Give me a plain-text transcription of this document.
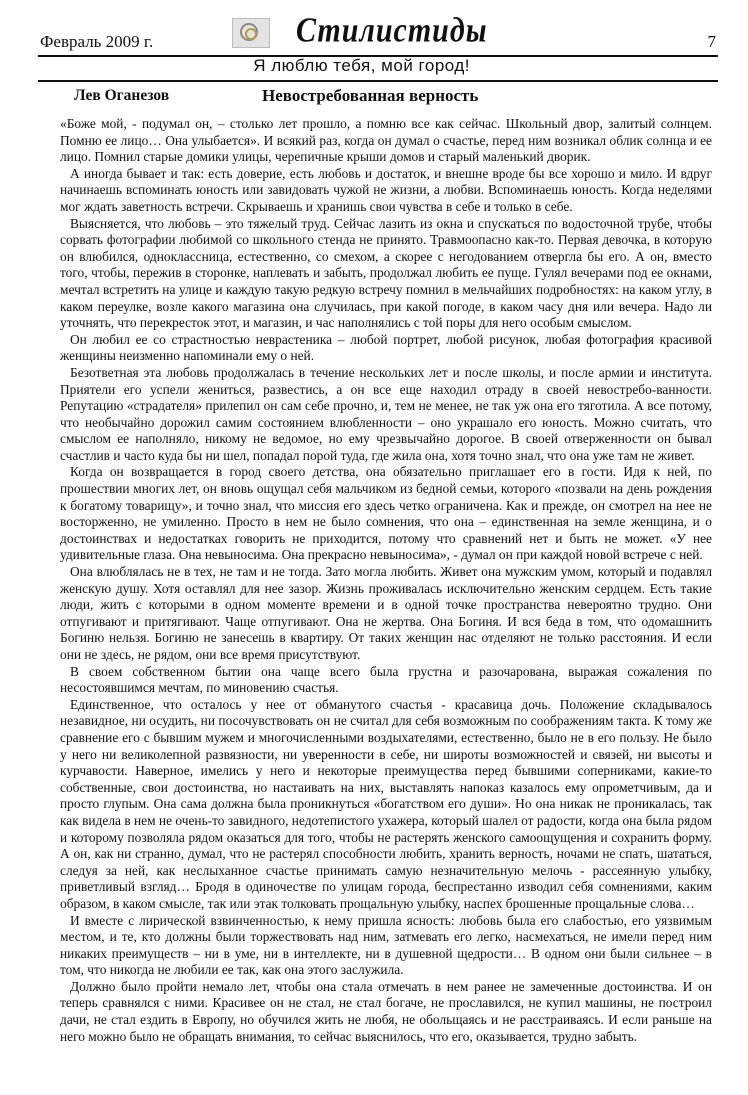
Февраль 2009 г.	Стилистиды	7
Я люблю тебя, мой город!
Лев Оганезов	Невостребованная верность

«Боже мой, - подумал он, – столько лет прошло, а помню все как сейчас. Школьный двор, залитый солнцем. Помню ее лицо… Она улыбается». И всякий раз, когда он думал о счастье, перед ним возникал облик солнца и ее лицо. Помнил старые домики улицы, черепичные крыши домов и старый маленький дворик.

А иногда бывает и так: есть доверие, есть любовь и достаток, и внешне вроде бы все хорошо и мило. И вдруг начинаешь вспоминать юность или завидовать чужой не жизни, а любви. Вспоминаешь юность. Когда неделями мог ждать заветность встречи. Скрываешь и хранишь свои чувства в себе и только в себе.

Выясняется, что любовь – это тяжелый труд. Сейчас лазить из окна и спускаться по водосточной трубе, чтобы сорвать фотографии любимой со школьного стенда не принято. Травмоопасно как-то. Первая девочка, в которую он влюбился, одноклассница, естественно, со смехом, а скорее с негодованием отвергла бы его. А он, вместо того, чтобы, пережив в сторонке, наплевать и забыть, продолжал любить ее пуще. Гулял вечерами под ее окнами, мечтал встретить на улице и каждую такую редкую встречу помнил в мельчайших подробностях: на каком углу, в каком переулке, возле какого магазина она случилась, при какой погоде, в каком часу дня или вечера. Надо ли уточнять, что перекресток этот, и магазин, и час наполнялись с той поры для него особым смыслом.

Он любил ее со страстностью неврастеника – любой портрет, любой рисунок, любая фотография красивой женщины неизменно напоминали ему о ней.

Безответная эта любовь продолжалась в течение нескольких лет и после школы, и после армии и института. Приятели его успели жениться, развестись, а он все еще находил отраду в своей невостребо-ванности. Репутацию «страдателя» прилепил он сам себе прочно, и, тем не менее, не так уж она его тяготила. А все потому, что необычайно дорожил самим состоянием влюбленности – оно украшало его юность. Можно считать, что смыслом ее наполняло, никому не ведомое, но ему чрезвычайно дорогое. В своей отверженности он бывал счастлив и часто куда бы ни шел, попадал порой туда, где жила она, хотя точно знал, что она уже там не живет.

Когда он возвращается в город своего детства, она обязательно приглашает его в гости. Идя к ней, по прошествии многих лет, он вновь ощущал себя мальчиком из бедной семьи, которого «позвали на день рождения к богатому товарищу», и точно знал, что миссия его здесь четко ограничена. Как и прежде, он смотрел на нее не восторженно, не умиленно. Просто в нем не было сомнения, что она – единственная на земле женщина, и о достоинствах и недостатках говорить не приходится, потому что сравнений нет и быть не может. «У нее удивительные глаза. Она невыносима. Она прекрасно невыносима», - думал он при каждой новой встрече с ней.

Она влюблялась не в тех, не там и не тогда. Зато могла любить. Живет она мужским умом, который и подавлял женскую душу. Хотя оставлял для нее зазор. Жизнь проживалась исключительно женским сердцем. Есть такие люди, жить с которыми в одном моменте времени и в одной точке пространства невероятно трудно. Они отпугивают и притягивают. Чаще отпугивают. Она не жертва. Она Богиня. И вся беда в том, что одомашнить Богиню нельзя. Богиню не занесешь в квартиру. От таких женщин нас отделяют не только расстояния. И если они не здесь, не рядом, они все время присутствуют.

В своем собственном бытии она чаще всего была грустна и разочарована, выражая сожаления по несостоявшимся мечтам, по миновению счастья.

Единственное, что осталось у нее от обманутого счастья - красавица дочь. Положение складывалось незавидное, ни осудить, ни посочувствовать он не считал для себя возможным по соображениям такта. К тому же сравнение его с бывшим мужем и многочисленными воздыхателями, естественно, было не в его пользу. Не было у него ни великолепной развязности, ни уверенности в себе, ни широты возможностей и связей, ни высоты и курчавости. Наверное, имелись у него и некоторые преимущества перед бывшими соперниками, какие-то собственные, свои достоинства, но настаивать на них, выставлять напоказ казалось ему опрометчивым, да и просто глупым. Она сама должна была проникнуться «богатством его души». Но она никак не проникалась, так как видела в нем не очень-то завидного, недотепистого ухажера, который шалел от радости, когда она была рядом и которому позволяла рядом оказаться для того, чтобы не растерять женского самоощущения и сохранить форму. А он, как ни странно, думал, что не растерял способности любить, хранить верность, ночами не спать, шататься, следуя за ней, как неслыханное счастье принимать самую незначительную мелочь - рассеянную улыбку, приветливый взгляд… Бродя в одиночестве по улицам города, беспрестанно изводил себя сомнениями, каким образом, в каком смысле, так или этак толковать прощальную улыбку, наспех брошенные прощальные слова…

И вместе с лирической взвинченностью, к нему пришла ясность: любовь была его слабостью, его уязвимым местом, и те, кто должны были торжествовать над ним, затмевать его легко, насмехаться, не имели перед ним никаких преимуществ – ни в уме, ни в интеллекте, ни в душевной щедрости… В одном они были сильнее – в том, что никогда не любили ее так, как она этого заслужила.

Должно было пройти немало лет, чтобы она стала отмечать в нем ранее не замеченные достоинства. И он теперь сравнялся с ними. Красивее он не стал, не стал богаче, не прославился, не купил машины, не построил дачи, не стал ездить в Европу, но обучился жить не любя, не обольщаясь и не расстраиваясь. И если раньше на него можно было не обращать внимания, то сейчас выяснилось, что его, оказывается, трудно забыть.
